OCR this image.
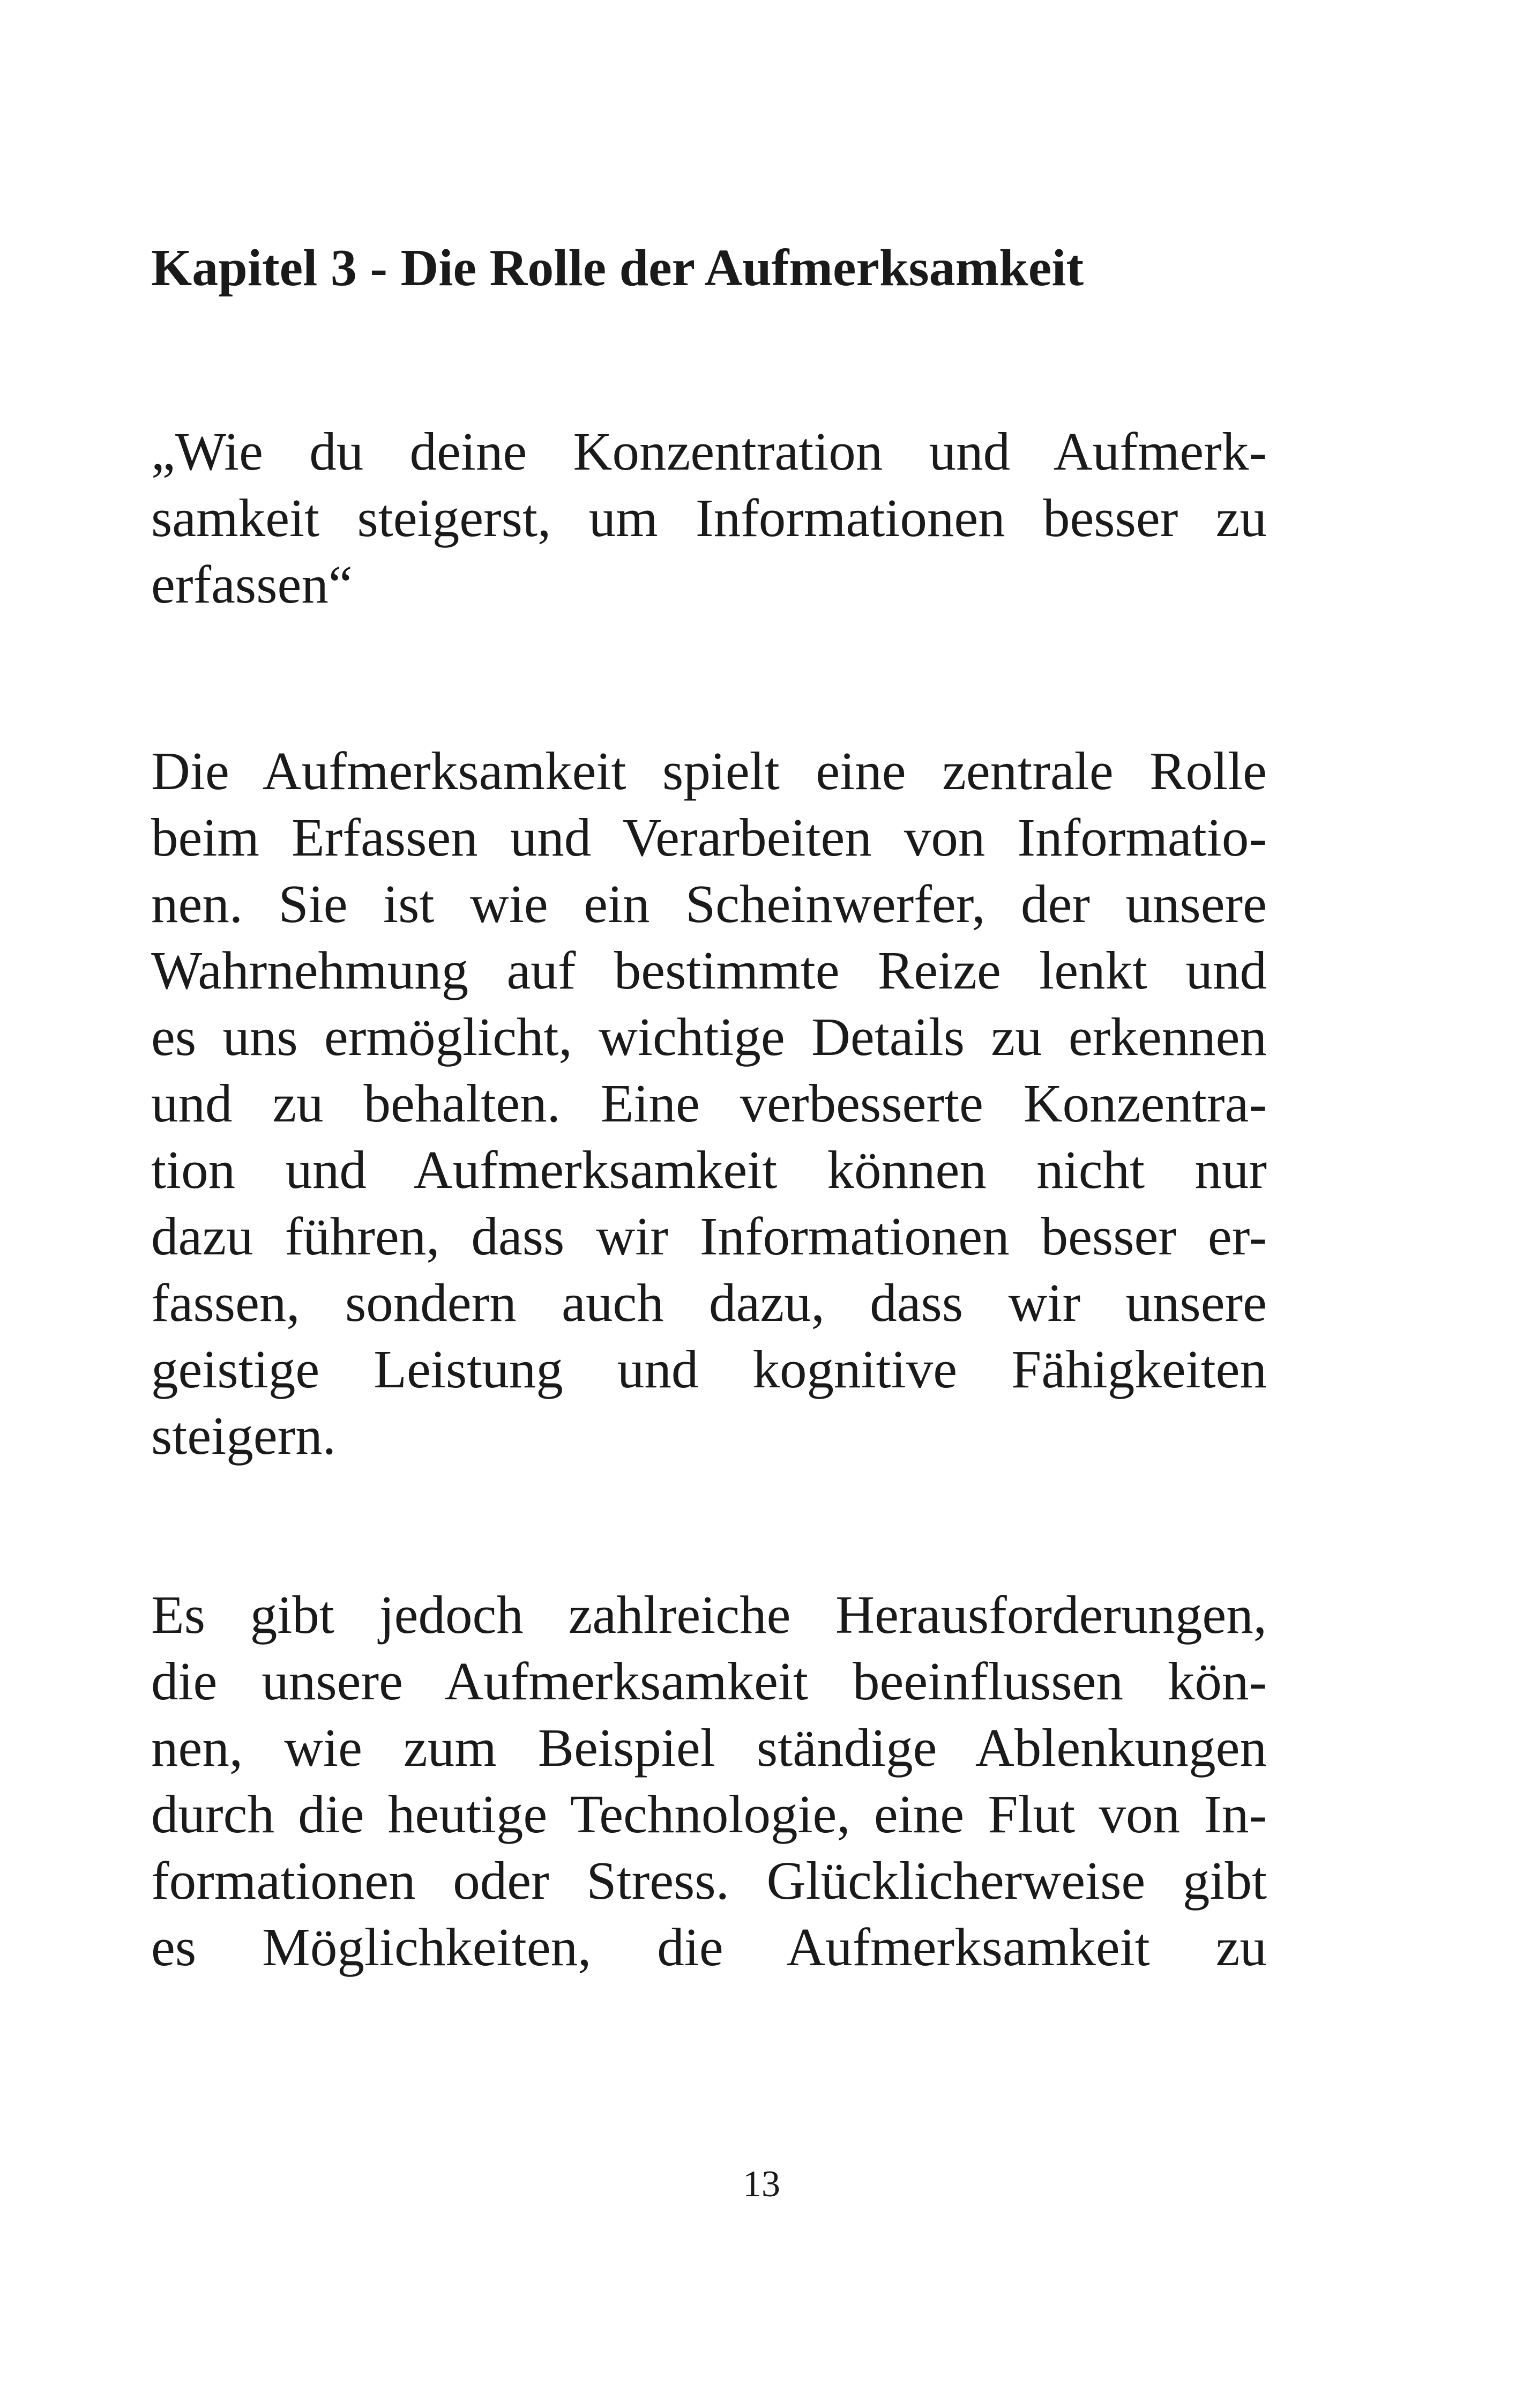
Kapitel 3 - Die Rolle der Aufmerksamkeit

„Wie du deine Konzentration und Aufmerk-
samkeit steigerst, um Informationen besser zu
erfassen“

Die Aufmerksamkeit spielt eine zentrale Rolle
beim Erfassen und Verarbeiten von Informatio-
nen. Sie ist wie ein Scheinwerfer, der unsere
Wahrnehmung auf bestimmte Reize lenkt und
es uns ermöglicht, wichtige Details zu erkennen
und zu behalten. Eine verbesserte Konzentra-
tion und Aufmerksamkeit können nicht nur
dazu führen, dass wir Informationen besser er-
fassen, sondern auch dazu, dass wir unsere
geistige Leistung und kognitive Fähigkeiten
steigern.

Es gibt jedoch zahlreiche Herausforderungen,
die unsere Aufmerksamkeit beeinflussen kön-
nen, wie zum Beispiel ständige Ablenkungen
durch die heutige Technologie, eine Flut von In-
formationen oder Stress. Glücklicherweise gibt
es Möglichkeiten, die Aufmerksamkeit zu

13
